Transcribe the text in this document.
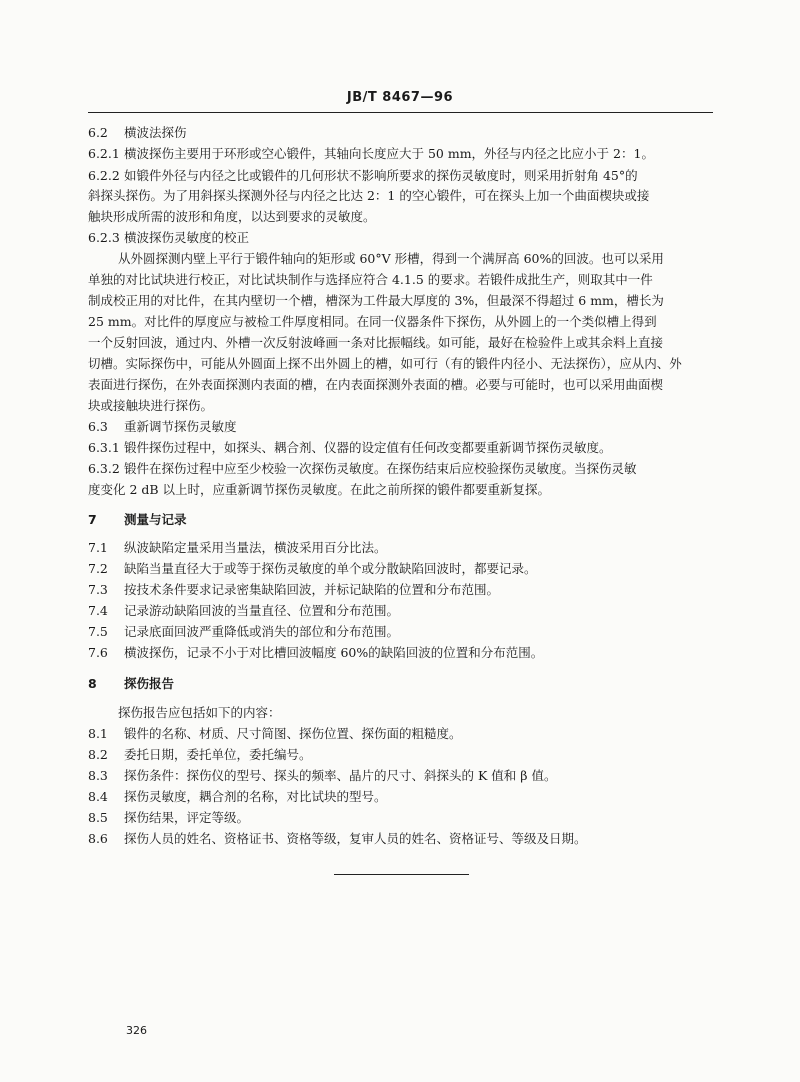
JB/T 8467—96
6.2 横波法探伤
6.2.1 横波探伤主要用于环形或空心锻件，其轴向长度应大于 50 mm，外径与内径之比应小于 2：1。
6.2.2 如锻件外径与内径之比或锻件的几何形状不影响所要求的探伤灵敏度时，则采用折射角 45°的
斜探头探伤。为了用斜探头探测外径与内径之比达 2：1 的空心锻件，可在探头上加一个曲面楔块或接
触块形成所需的波形和角度，以达到要求的灵敏度。
6.2.3 横波探伤灵敏度的校正
从外圆探测内壁上平行于锻件轴向的矩形或 60°V 形槽，得到一个满屏高 60%的回波。也可以采用
单独的对比试块进行校正，对比试块制作与选择应符合 4.1.5 的要求。若锻件成批生产，则取其中一件
制成校正用的对比件，在其内壁切一个槽，槽深为工件最大厚度的 3%，但最深不得超过 6 mm，槽长为
25 mm。对比件的厚度应与被检工件厚度相同。在同一仪器条件下探伤，从外圆上的一个类似槽上得到
一个反射回波，通过内、外槽一次反射波峰画一条对比振幅线。如可能，最好在检验件上或其余料上直接
切槽。实际探伤中，可能从外圆面上探不出外圆上的槽，如可行（有的锻件内径小、无法探伤），应从内、外
表面进行探伤，在外表面探测内表面的槽，在内表面探测外表面的槽。必要与可能时，也可以采用曲面楔
块或接触块进行探伤。
6.3 重新调节探伤灵敏度
6.3.1 锻件探伤过程中，如探头、耦合剂、仪器的设定值有任何改变都要重新调节探伤灵敏度。
6.3.2 锻件在探伤过程中应至少校验一次探伤灵敏度。在探伤结束后应校验探伤灵敏度。当探伤灵敏
度变化 2 dB 以上时，应重新调节探伤灵敏度。在此之前所探的锻件都要重新复探。
7 测量与记录
7.1 纵波缺陷定量采用当量法，横波采用百分比法。
7.2 缺陷当量直径大于或等于探伤灵敏度的单个或分散缺陷回波时，都要记录。
7.3 按技术条件要求记录密集缺陷回波，并标记缺陷的位置和分布范围。
7.4 记录游动缺陷回波的当量直径、位置和分布范围。
7.5 记录底面回波严重降低或消失的部位和分布范围。
7.6 横波探伤，记录不小于对比槽回波幅度 60%的缺陷回波的位置和分布范围。
8 探伤报告
探伤报告应包括如下的内容：
8.1 锻件的名称、材质、尺寸简图、探伤位置、探伤面的粗糙度。
8.2 委托日期，委托单位，委托编号。
8.3 探伤条件：探伤仪的型号、探头的频率、晶片的尺寸、斜探头的 K 值和 β 值。
8.4 探伤灵敏度，耦合剂的名称，对比试块的型号。
8.5 探伤结果，评定等级。
8.6 探伤人员的姓名、资格证书、资格等级，复审人员的姓名、资格证号、等级及日期。
326
